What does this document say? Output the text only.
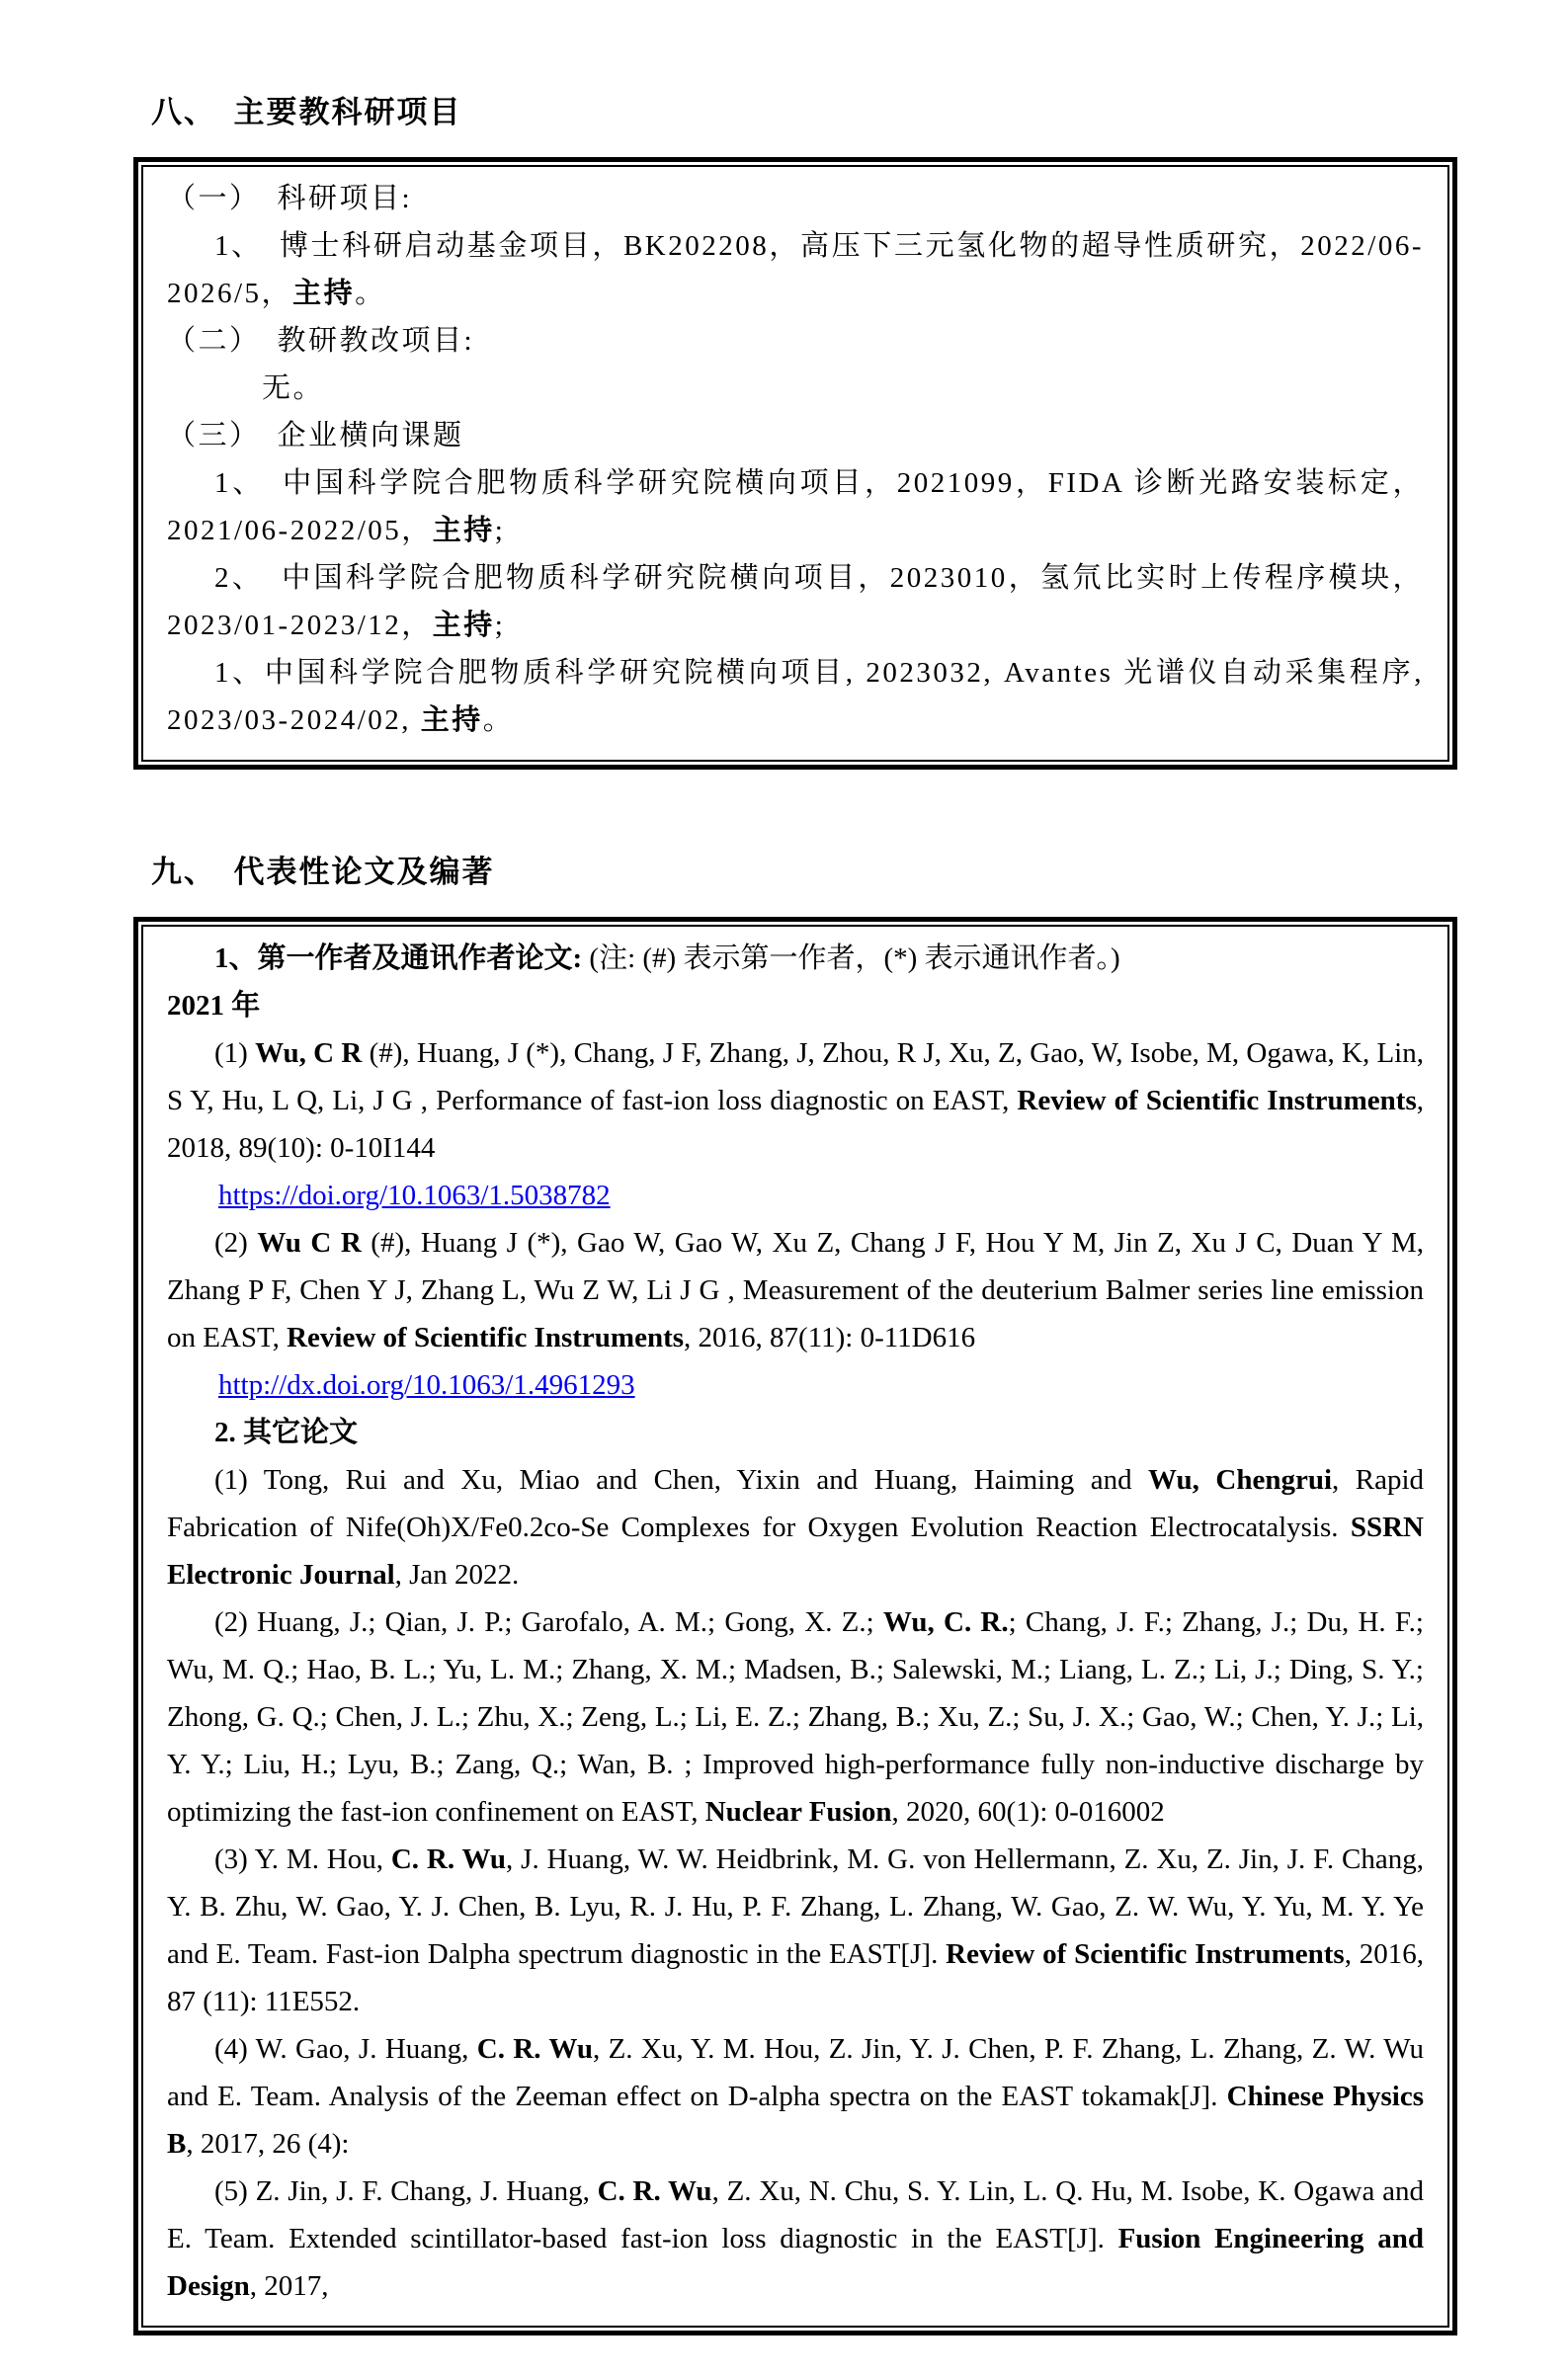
八、　主要教科研项目

（一）　科研项目:

1、　博士科研启动基金项目，BK202208，高压下三元氢化物的超导性质研究，2022/06-2026/5，主持。

（二）　教研教改项目:

无。

（三）　企业横向课题

1、　中国科学院合肥物质科学研究院横向项目，2021099，FIDA 诊断光路安装标定，2021/06-2022/05，主持;

2、　中国科学院合肥物质科学研究院横向项目，2023010，氢氘比实时上传程序模块，2023/01-2023/12，主持;

1、中国科学院合肥物质科学研究院横向项目, 2023032, Avantes 光谱仪自动采集程序, 2023/03-2024/02, 主持。

九、　代表性论文及编著

1、第一作者及通讯作者论文: (注: (#) 表示第一作者，(*) 表示通讯作者。)

2021 年

(1) Wu, C R (#), Huang, J (*), Chang, J F, Zhang, J, Zhou, R J, Xu, Z, Gao, W, Isobe, M, Ogawa, K, Lin, S Y, Hu, L Q, Li, J G , Performance of fast-ion loss diagnostic on EAST, Review of Scientific Instruments, 2018, 89(10): 0-10I144

https://doi.org/10.1063/1.5038782

(2) Wu C R (#), Huang J (*), Gao W, Gao W, Xu Z, Chang J F, Hou Y M, Jin Z, Xu J C, Duan Y M, Zhang P F, Chen Y J, Zhang L, Wu Z W, Li J G , Measurement of the deuterium Balmer series line emission on EAST, Review of Scientific Instruments, 2016, 87(11): 0-11D616

http://dx.doi.org/10.1063/1.4961293

2. 其它论文

(1) Tong, Rui and Xu, Miao and Chen, Yixin and Huang, Haiming and Wu, Chengrui, Rapid Fabrication of Nife(Oh)X/Fe0.2co-Se Complexes for Oxygen Evolution Reaction Electrocatalysis. SSRN Electronic Journal, Jan 2022.

(2) Huang, J.; Qian, J. P.; Garofalo, A. M.; Gong, X. Z.; Wu, C. R.; Chang, J. F.; Zhang, J.; Du, H. F.; Wu, M. Q.; Hao, B. L.; Yu, L. M.; Zhang, X. M.; Madsen, B.; Salewski, M.; Liang, L. Z.; Li, J.; Ding, S. Y.; Zhong, G. Q.; Chen, J. L.; Zhu, X.; Zeng, L.; Li, E. Z.; Zhang, B.; Xu, Z.; Su, J. X.; Gao, W.; Chen, Y. J.; Li, Y. Y.; Liu, H.; Lyu, B.; Zang, Q.; Wan, B. ; Improved high-performance fully non-inductive discharge by optimizing the fast-ion confinement on EAST, Nuclear Fusion, 2020, 60(1): 0-016002

(3) Y. M. Hou, C. R. Wu, J. Huang, W. W. Heidbrink, M. G. von Hellermann, Z. Xu, Z. Jin, J. F. Chang, Y. B. Zhu, W. Gao, Y. J. Chen, B. Lyu, R. J. Hu, P. F. Zhang, L. Zhang, W. Gao, Z. W. Wu, Y. Yu, M. Y. Ye and E. Team. Fast-ion Dalpha spectrum diagnostic in the EAST[J]. Review of Scientific Instruments, 2016, 87 (11): 11E552.

(4) W. Gao, J. Huang, C. R. Wu, Z. Xu, Y. M. Hou, Z. Jin, Y. J. Chen, P. F. Zhang, L. Zhang, Z. W. Wu and E. Team. Analysis of the Zeeman effect on D-alpha spectra on the EAST tokamak[J]. Chinese Physics B, 2017, 26 (4):

(5) Z. Jin, J. F. Chang, J. Huang, C. R. Wu, Z. Xu, N. Chu, S. Y. Lin, L. Q. Hu, M. Isobe, K. Ogawa and E. Team. Extended scintillator-based fast-ion loss diagnostic in the EAST[J]. Fusion Engineering and Design, 2017,
